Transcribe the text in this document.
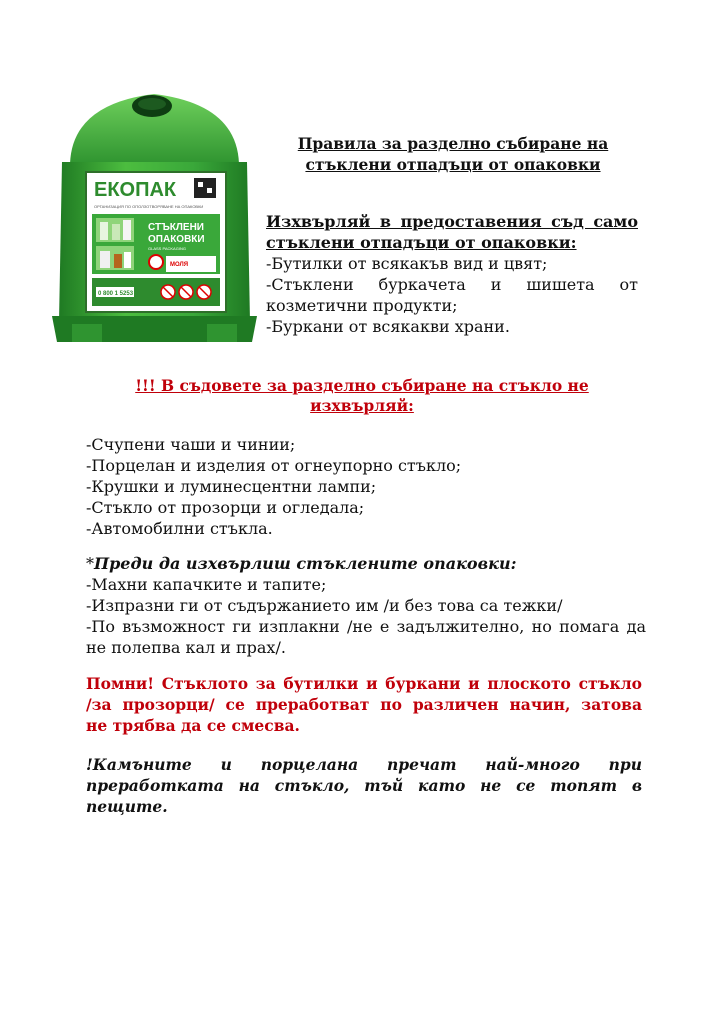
ЕКОПАК
ОРГАНИЗАЦИЯ ПО ОПОЛЗОТВОРЯВАНЕ НА ОПАКОВКИ
СТЪКЛЕНИ
ОПАКОВКИ
GLASS PACKAGING
МОЛЯ
0 800 1 5253
Правила за разделно събиране на
стъклени отпадъци от опаковки
Изхвърляй в предоставения съд само
стъклени отпадъци от опаковки:
-Бутилки от всякакъв вид и цвят;
-Стъклени буркачета и шишета от
козметични продукти;
-Буркани от всякакви храни.
!!! В съдовете за разделно събиране на стъкло не
изхвърляй:
-Счупени чаши и чинии;
-Порцелан и изделия от огнеупорно стъкло;
-Крушки и луминесцентни лампи;
-Стъкло от прозорци и огледала;
-Автомобилни стъкла.
*Преди да изхвърлиш стъклените опаковки:
-Махни капачките и тапите;
-Изпразни ги от съдържанието им /и без това са тежки/
-По възможност ги изплакни /не е задължително, но помага да
не полепва кал и прах/.
Помни! Стъклото за бутилки и буркани и плоското стъкло
/за прозорци/ се преработват по различен начин, затова
не трябва да се смесва.
!Камъните и порцелана пречат най-много при
преработката на стъкло, тъй като не се топят в
пещите.
